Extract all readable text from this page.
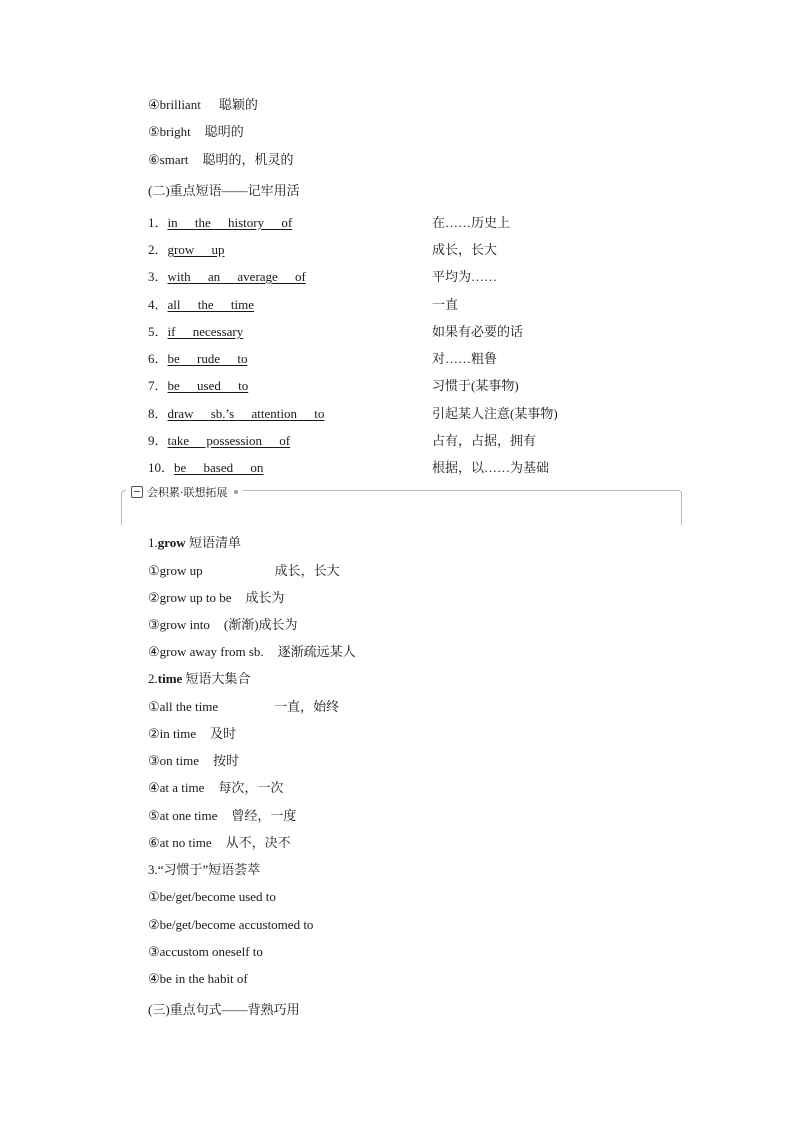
④brilliant 聪颖的
⑤bright 聪明的
⑥smart 聪明的，机灵的
(二)重点短语——记牢用活
1．in the history of	在……历史上
2．grow up	成长，长大
3．with an average of	平均为……
4．all the time	一直
5．if necessary	如果有必要的话
6．be rude to	对……粗鲁
7．be used to	习惯于(某事物)
8．draw sb.’s attention to	引起某人注意(某事物)
9．take possession of	占有，占据，拥有
10．be based on	根据，以……为基础
会积累·联想拓展
1.grow 短语清单
①grow up	成长，长大
②grow up to be 成长为
③grow into (渐渐)成长为
④grow away from sb. 逐渐疏远某人
2.time 短语大集合
①all the time	一直，始终
②in time 及时
③on time 按时
④at a time 每次，一次
⑤at one time 曾经，一度
⑥at no time 从不，决不
3.“习惯于”短语荟萃
①be/get/become used to
②be/get/become accustomed to
③accustom oneself to
④be in the habit of
(三)重点句式——背熟巧用
